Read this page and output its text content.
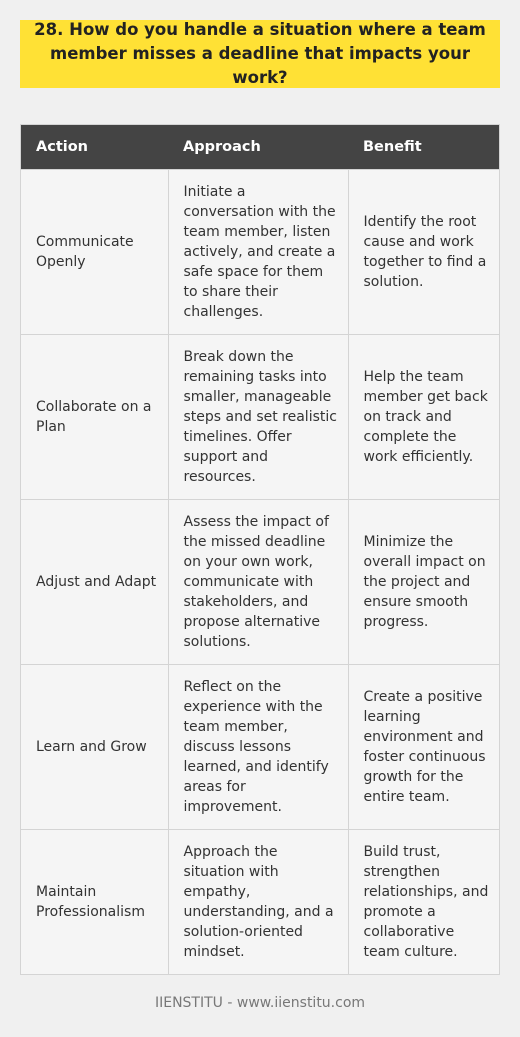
28. How do you handle a situation where a team member misses a deadline that impacts your work?
Action	Approach	Benefit
Communicate Openly	Initiate a conversation with the team member, listen actively, and create a safe space for them to share their challenges.	Identify the root cause and work together to find a solution.
Collaborate on a Plan	Break down the remaining tasks into smaller, manageable steps and set realistic timelines. Offer support and resources.	Help the team member get back on track and complete the work efficiently.
Adjust and Adapt	Assess the impact of the missed deadline on your own work, communicate with stakeholders, and propose alternative solutions.	Minimize the overall impact on the project and ensure smooth progress.
Learn and Grow	Reflect on the experience with the team member, discuss lessons learned, and identify areas for improvement.	Create a positive learning environment and foster continuous growth for the entire team.
Maintain Professionalism	Approach the situation with empathy, understanding, and a solution-oriented mindset.	Build trust, strengthen relationships, and promote a collaborative team culture.
IIENSTITU - www.iienstitu.com
